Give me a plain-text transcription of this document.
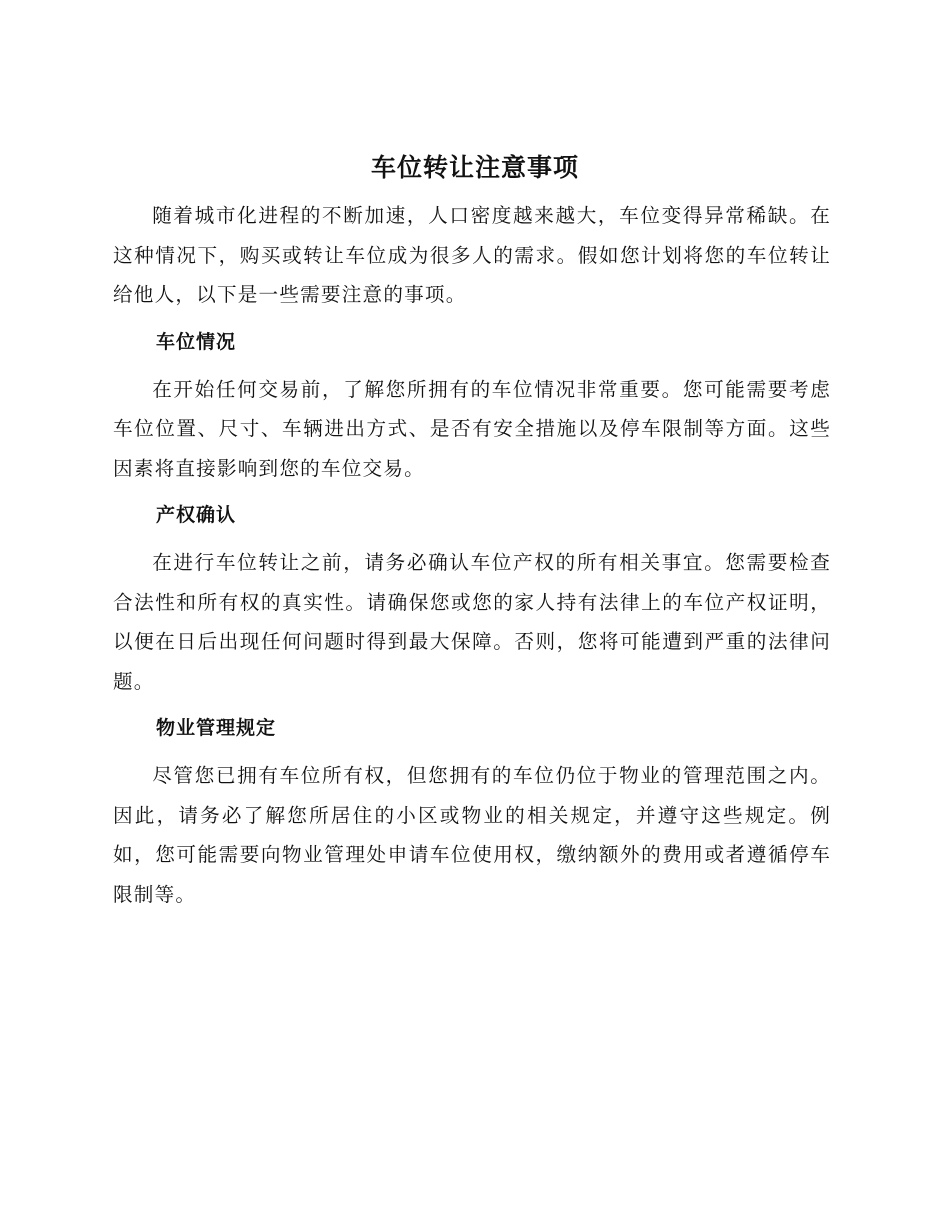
车位转让注意事项

随着城市化进程的不断加速，人口密度越来越大，车位变得异常稀缺。在这种情况下，购买或转让车位成为很多人的需求。假如您计划将您的车位转让给他人，以下是一些需要注意的事项。

车位情况

在开始任何交易前，了解您所拥有的车位情况非常重要。您可能需要考虑车位位置、尺寸、车辆进出方式、是否有安全措施以及停车限制等方面。这些因素将直接影响到您的车位交易。

产权确认

在进行车位转让之前，请务必确认车位产权的所有相关事宜。您需要检查合法性和所有权的真实性。请确保您或您的家人持有法律上的车位产权证明，以便在日后出现任何问题时得到最大保障。否则，您将可能遭到严重的法律问题。

物业管理规定

尽管您已拥有车位所有权，但您拥有的车位仍位于物业的管理范围之内。因此，请务必了解您所居住的小区或物业的相关规定，并遵守这些规定。例如，您可能需要向物业管理处申请车位使用权，缴纳额外的费用或者遵循停车限制等。
